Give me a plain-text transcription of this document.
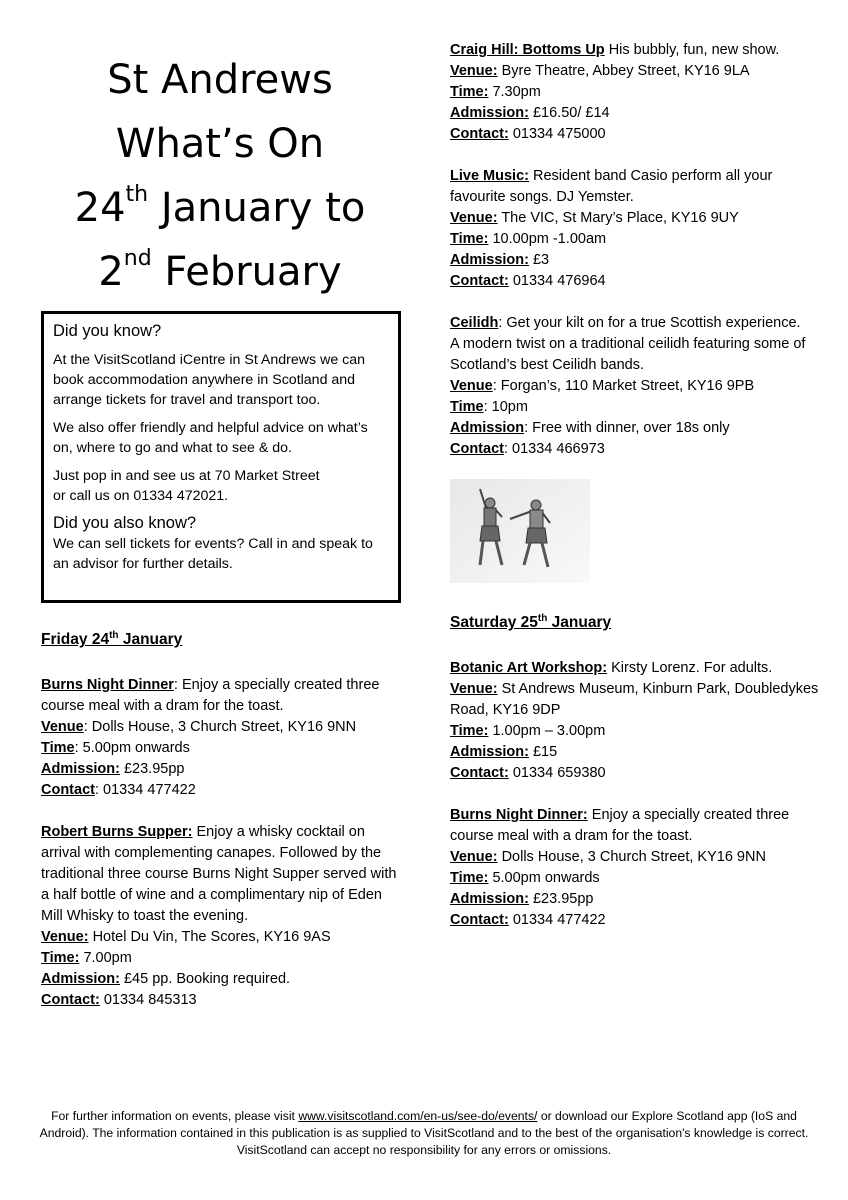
St Andrews
What’s On
24th January to
2nd February
Did you know?

At the VisitScotland iCentre in St Andrews we can book accommodation anywhere in Scotland and arrange tickets for travel and transport too.

We also offer friendly and helpful advice on what’s on, where to go and what to see & do.

Just pop in and see us at 70 Market Street
or call us on 01334 472021.

Did you also know?
We can sell tickets for events? Call in and speak to an advisor for further details.
Friday 24th January
Burns Night Dinner: Enjoy a specially created three course meal with a dram for the toast.
Venue: Dolls House, 3 Church Street, KY16 9NN
Time: 5.00pm onwards
Admission: £23.95pp
Contact: 01334 477422
Robert Burns Supper: Enjoy a whisky cocktail on arrival with complementing canapes. Followed by the traditional three course Burns Night Supper served with a half bottle of wine and a complimentary nip of Eden Mill Whisky to toast the evening.
Venue: Hotel Du Vin, The Scores, KY16 9AS
Time: 7.00pm
Admission: £45 pp. Booking required.
Contact: 01334 845313
Craig Hill: Bottoms Up His bubbly, fun, new show.
Venue: Byre Theatre, Abbey Street, KY16 9LA
Time: 7.30pm
Admission: £16.50/ £14
Contact: 01334 475000
Live Music: Resident band Casio perform all your favourite songs. DJ Yemster.
Venue: The VIC, St Mary’s Place, KY16 9UY
Time: 10.00pm -1.00am
Admission: £3
Contact: 01334 476964
Ceilidh: Get your kilt on for a true Scottish experience. A modern twist on a traditional ceilidh featuring some of Scotland’s best Ceilidh bands.
Venue: Forgan’s, 110 Market Street, KY16 9PB
Time: 10pm
Admission: Free with dinner, over 18s only
Contact: 01334 466973
Saturday 25th January
Botanic Art Workshop: Kirsty Lorenz. For adults.
Venue: St Andrews Museum, Kinburn Park, Doubledykes Road, KY16 9DP
Time: 1.00pm – 3.00pm
Admission: £15
Contact: 01334 659380
Burns Night Dinner: Enjoy a specially created three course meal with a dram for the toast.
Venue: Dolls House, 3 Church Street, KY16 9NN
Time: 5.00pm onwards
Admission: £23.95pp
Contact: 01334 477422
For further information on events, please visit www.visitscotland.com/en-us/see-do/events/ or download our Explore Scotland app (IoS and Android). The information contained in this publication is as supplied to VisitScotland and to the best of the organisation's knowledge is correct. VisitScotland can accept no responsibility for any errors or omissions.
